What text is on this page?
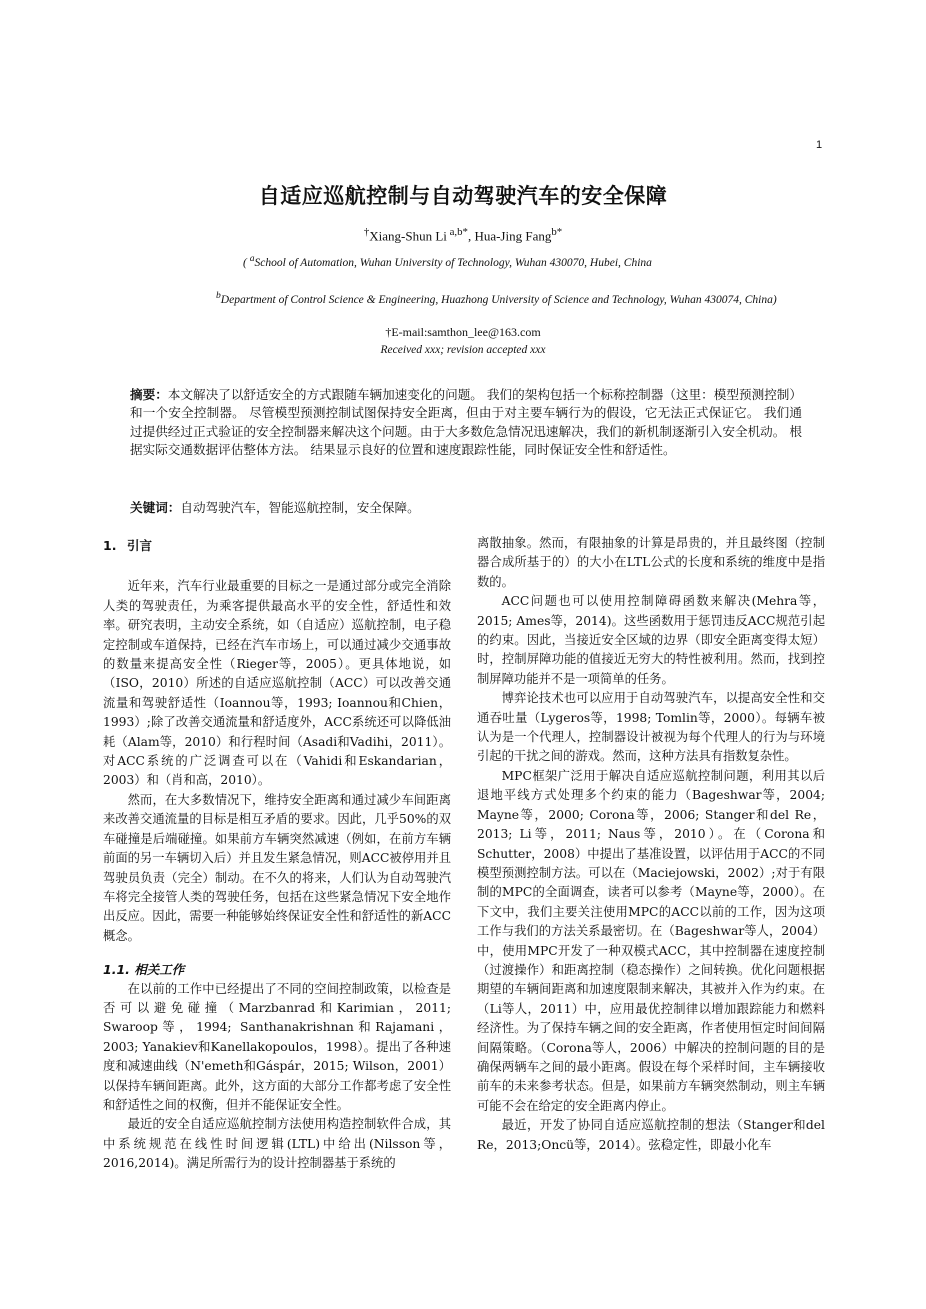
1
自适应巡航控制与自动驾驶汽车的安全保障
†Xiang-Shun Li $^{a,b*}$, Hua-Jing Fang$^{b*}$
( $^a$School of Automation, Wuhan University of Technology, Wuhan 430070, Hubei, China
$^b$Department of Control Science & Engineering, Huazhong University of Science and Technology, Wuhan 430074, China)
†E-mail:samthon_lee@163.com
Received xxx; revision accepted xxx
摘要：本文解决了以舒适安全的方式跟随车辆加速变化的问题。 我们的架构包括一个标称控制器（这里：模型预测控制）和一个安全控制器。 尽管模型预测控制试图保持安全距离，但由于对主要车辆行为的假设，它无法正式保证它。 我们通过提供经过正式验证的安全控制器来解决这个问题。由于大多数危急情况迅速解决，我们的新机制逐渐引入安全机动。 根据实际交通数据评估整体方法。 结果显示良好的位置和速度跟踪性能，同时保证安全性和舒适性。
关键词：自动驾驶汽车，智能巡航控制，安全保障。
1. 引言

近年来，汽车行业最重要的目标之一是通过部分或完全消除人类的驾驶责任，为乘客提供最高水平的安全性，舒适性和效率。研究表明，主动安全系统，如（自适应）巡航控制，电子稳定控制或车道保持，已经在汽车市场上，可以通过减少交通事故的数量来提高安全性（Rieger等，2005）。更具体地说，如（ISO，2010）所述的自适应巡航控制（ACC）可以改善交通流量和驾驶舒适性（Ioannou等，1993; Ioannou和Chien，1993）;除了改善交通流量和舒适度外，ACC系统还可以降低油耗（Alam等，2010）和行程时间（Asadi和Vadihi，2011）。对ACC系统的广泛调查可以在（Vahidi和Eskandarian，2003）和（肖和高，2010）。

然而，在大多数情况下，维持安全距离和通过减少车间距离来改善交通流量的目标是相互矛盾的要求。因此，几乎50%的双车碰撞是后端碰撞。如果前方车辆突然减速（例如，在前方车辆前面的另一车辆切入后）并且发生紧急情况，则ACC被停用并且驾驶员负责（完全）制动。在不久的将来，人们认为自动驾驶汽车将完全接管人类的驾驶任务，包括在这些紧急情况下安全地作出反应。因此，需要一种能够始终保证安全性和舒适性的新ACC概念。

1.1. 相关工作

在以前的工作中已经提出了不同的空间控制政策，以检查是否可以避免碰撞（Marzbanrad和Karimian，2011; Swaroop等，1994; Santhanakrishnan和Rajamani，2003; Yanakiev和Kanellakopoulos，1998）。提出了各种速度和减速曲线（N'emeth和Gáspár，2015; Wilson，2001）以保持车辆间距离。此外，这方面的大部分工作都考虑了安全性和舒适性之间的权衡，但并不能保证安全性。

最近的安全自适应巡航控制方法使用构造控制软件合成，其中系统规范在线性时间逻辑(LTL)中给出(Nilsson等，2016,2014)。满足所需行为的设计控制器基于系统的

离散抽象。然而，有限抽象的计算是昂贵的，并且最终图（控制器合成所基于的）的大小在LTL公式的长度和系统的维度中是指数的。

ACC问题也可以使用控制障碍函数来解决(Mehra等，2015; Ames等，2014)。这些函数用于惩罚违反ACC规范引起的约束。因此，当接近安全区域的边界（即安全距离变得太短）时，控制屏障功能的值接近无穷大的特性被利用。然而，找到控制屏障功能并不是一项简单的任务。

博弈论技术也可以应用于自动驾驶汽车，以提高安全性和交通吞吐量（Lygeros等，1998; Tomlin等，2000）。每辆车被认为是一个代理人，控制器设计被视为每个代理人的行为与环境引起的干扰之间的游戏。然而，这种方法具有指数复杂性。

MPC框架广泛用于解决自适应巡航控制问题，利用其以后退地平线方式处理多个约束的能力（Bageshwar等，2004; Mayne等，2000; Corona等，2006; Stanger和del Re，2013; Li等，2011; Naus等，2010）。在（Corona和Schutter，2008）中提出了基准设置，以评估用于ACC的不同模型预测控制方法。可以在（Maciejowski，2002）;对于有限制的MPC的全面调查，读者可以参考（Mayne等，2000）。在下文中，我们主要关注使用MPC的ACC以前的工作，因为这项工作与我们的方法关系最密切。在（Bageshwar等人，2004）中，使用MPC开发了一种双模式ACC，其中控制器在速度控制（过渡操作）和距离控制（稳态操作）之间转换。优化问题根据期望的车辆间距离和加速度限制来解决，其被并入作为约束。在（Li等人，2011）中，应用最优控制律以增加跟踪能力和燃料经济性。为了保持车辆之间的安全距离，作者使用恒定时间间隔间隔策略。（Corona等人，2006）中解决的控制问题的目的是确保两辆车之间的最小距离。假设在每个采样时间，主车辆接收前车的未来参考状态。但是，如果前方车辆突然制动，则主车辆可能不会在给定的安全距离内停止。

最近，开发了协同自适应巡航控制的想法（Stanger和del Re，2013;Oncü等，2014）。弦稳定性，即最小化车
